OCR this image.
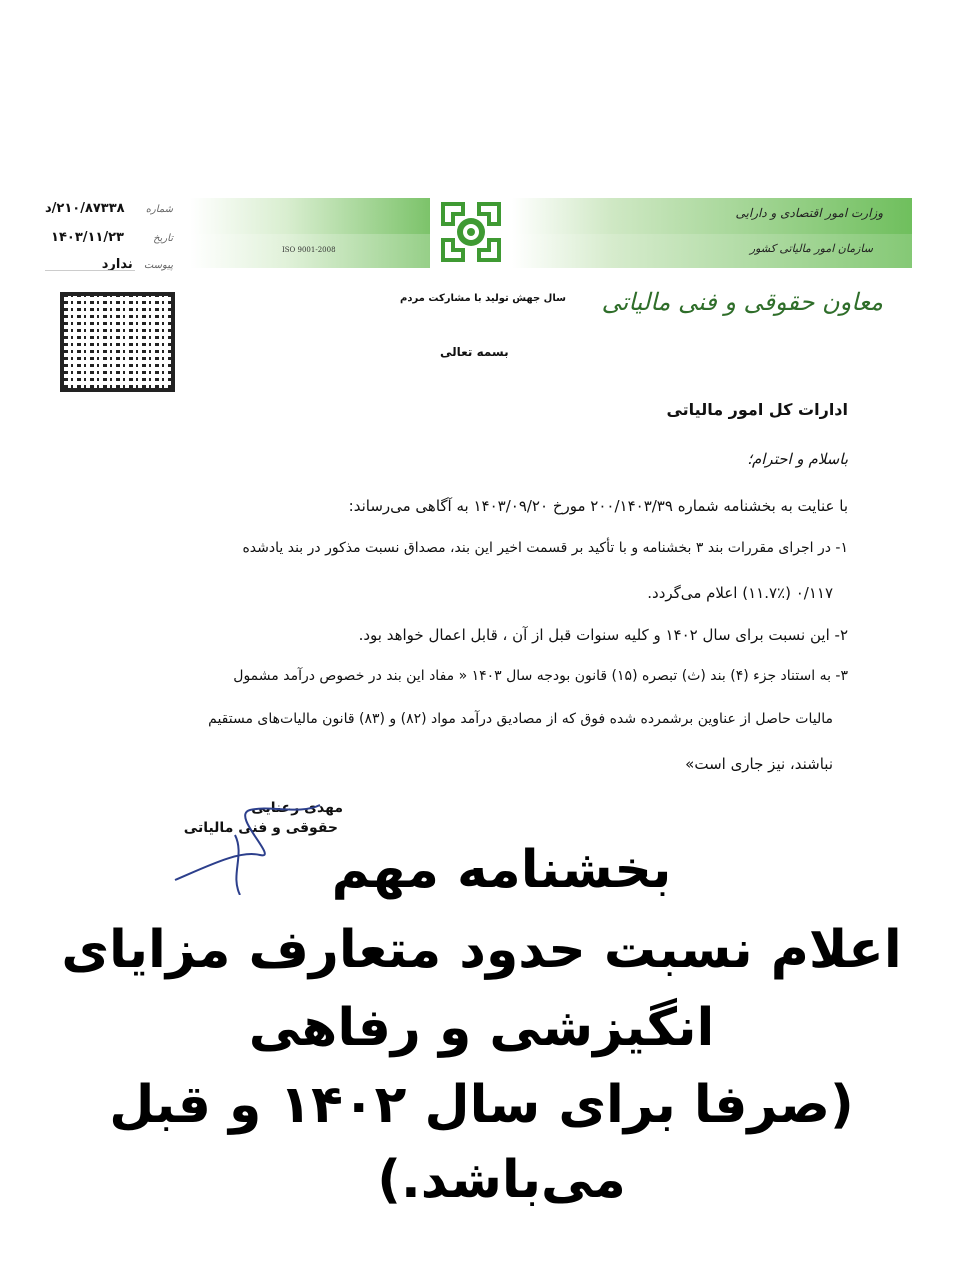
ISO 9001-2008
وزارت امور اقتصادی و دارایی
سازمان امور مالیاتی کشور
معاون حقوقی و فنی مالیاتی
سال جهش تولید با مشارکت مردم
بسمه تعالی
شماره ۲۱۰/۸۷۳۳۸/د
تاریخ ۱۴۰۳/۱۱/۲۳
پیوست ندارد
ادارات کل امور مالیاتی
باسلام و احترام؛
با عنایت به بخشنامه شماره ۲۰۰/۱۴۰۳/۳۹ مورخ ۱۴۰۳/۰۹/۲۰ به آگاهی می‌رساند:
۱- در اجرای مقررات بند ۳ بخشنامه و با تأکید بر قسمت اخیر این بند، مصداق نسبت مذکور در بند یادشده
۰/۱۱۷ (۱۱.۷٪) اعلام می‌گردد.
۲- این نسبت برای سال ۱۴۰۲ و کلیه سنوات قبل از آن ، قابل اعمال خواهد بود.
۳- به استناد جزء (۴) بند (ث) تبصره (۱۵) قانون بودجه سال ۱۴۰۳ « مفاد این بند در خصوص درآمد مشمول
مالیات حاصل از عناوین برشمرده شده فوق که از مصادیق درآمد مواد (۸۲) و (۸۳) قانون مالیات‌های مستقیم
نباشند، نیز جاری است»
مهدی رعنایی
حقوقی و فنی مالیاتی
بخشنامه مهم
اعلام نسبت حدود متعارف مزایای
انگیزشی و رفاهی
(صرفا برای سال ۱۴۰۲ و قبل
می‌باشد.)
